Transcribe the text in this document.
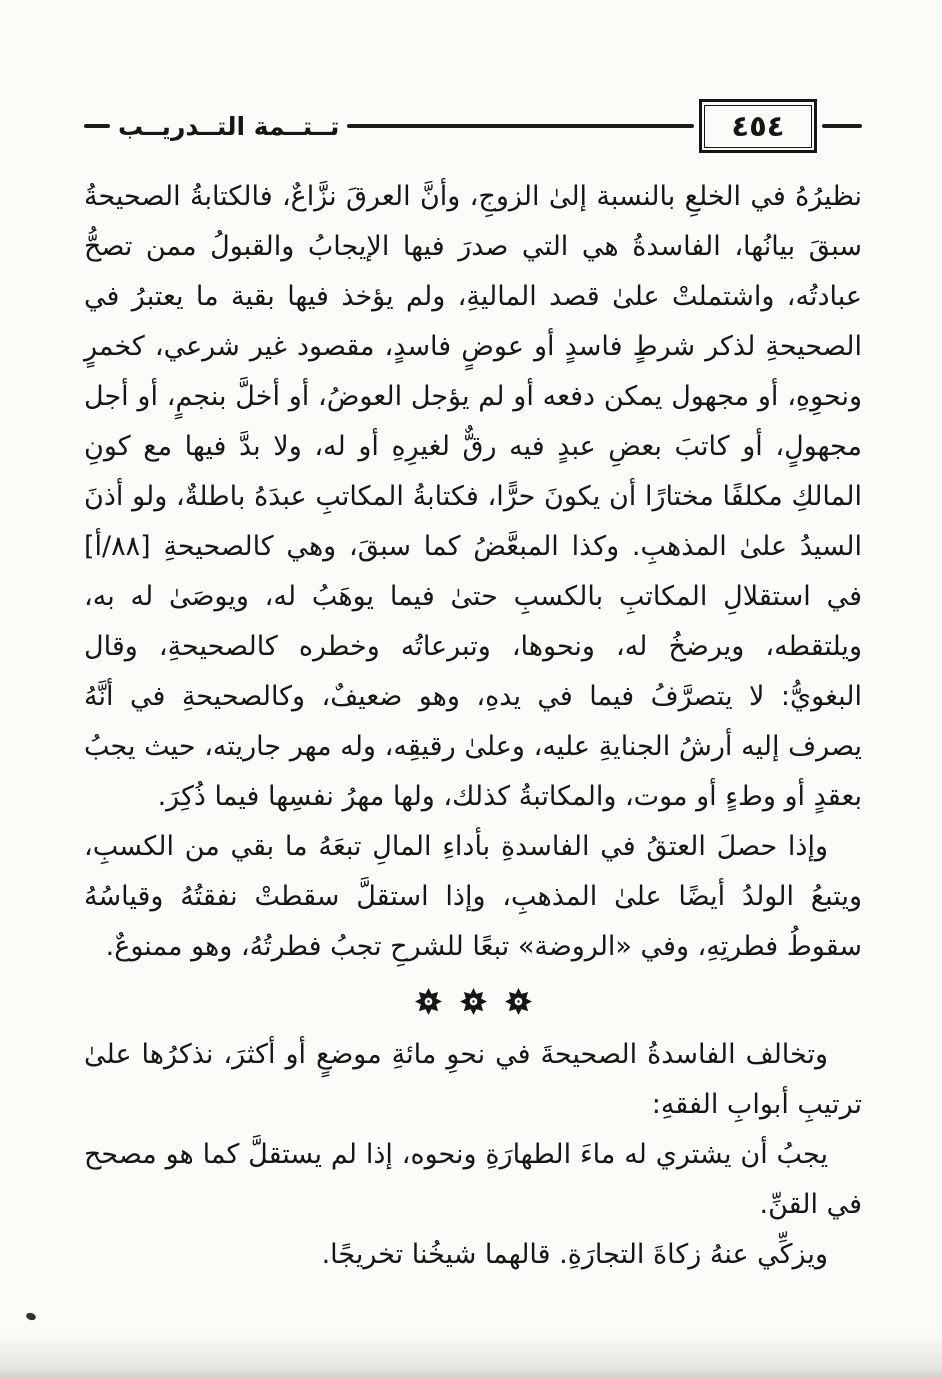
تــتــمة التــدريــب	٤٥٤

نظيرُهُ في الخلعِ بالنسبة إلىٰ الزوجِ، وأنَّ العرقَ نزَّاعٌ، فالكتابةُ الصحيحةُ سبقَ بيانُها، الفاسدةُ هي التي صدرَ فيها الإيجابُ والقبولُ ممن تصحُّ عبادتُه، واشتملتْ علىٰ قصد الماليةِ، ولم يؤخذ فيها بقية ما يعتبرُ في الصحيحةِ لذكر شرطٍ فاسدٍ أو عوضٍ فاسدٍ، مقصود غير شرعي، كخمرٍ ونحوِهِ، أو مجهول يمكن دفعه أو لم يؤجل العوضُ، أو أخلَّ بنجمٍ، أو أجل مجهولٍ، أو كاتبَ بعضِ عبدٍ فيه رقٌّ لغيرِهِ أو له، ولا بدَّ فيها مع كونِ المالكِ مكلفًا مختارًا أن يكونَ حرًّا، فكتابةُ المكاتبِ عبدَهُ باطلةٌ، ولو أذنَ السيدُ علىٰ المذهبِ. وكذا المبعَّضُ كما سبقَ، وهي كالصحيحةِ [٨٨/أ] في استقلالِ المكاتبِ بالكسبِ حتىٰ فيما يوهَبُ له، ويوصَىٰ له به، ويلتقطه، ويرضخُ له، ونحوها، وتبرعاتُه وخطره كالصحيحةِ، وقال البغويُّ: لا يتصرَّفُ فيما في يدهِ، وهو ضعيفٌ، وكالصحيحةِ في أنَّهُ يصرف إليه أرشُ الجنايةِ عليه، وعلىٰ رقيقِه، وله مهر جاريته، حيث يجبُ بعقدٍ أو وطءٍ أو موت، والمكاتبةُ كذلك، ولها مهرُ نفسِها فيما ذُكِرَ.

وإذا حصلَ العتقُ في الفاسدةِ بأداءِ المالِ تبعَهُ ما بقي من الكسبِ، ويتبعُ الولدُ أيضًا علىٰ المذهبِ، وإذا استقلَّ سقطتْ نفقتُهُ وقياسُهُ سقوطُ فطرتِهِ، وفي «الروضة» تبعًا للشرحِ تجبُ فطرتُهُ، وهو ممنوعٌ.

وتخالف الفاسدةُ الصحيحةَ في نحوِ مائةِ موضعٍ أو أكثرَ، نذكرُها علىٰ ترتيبِ أبوابِ الفقهِ:

يجبُ أن يشتري له ماءَ الطهارَةِ ونحوه، إذا لم يستقلَّ كما هو مصحح في القنِّ.

ويزكِّي عنهُ زكاةَ التجارَةِ. قالهما شيخُنا تخريجًا.
